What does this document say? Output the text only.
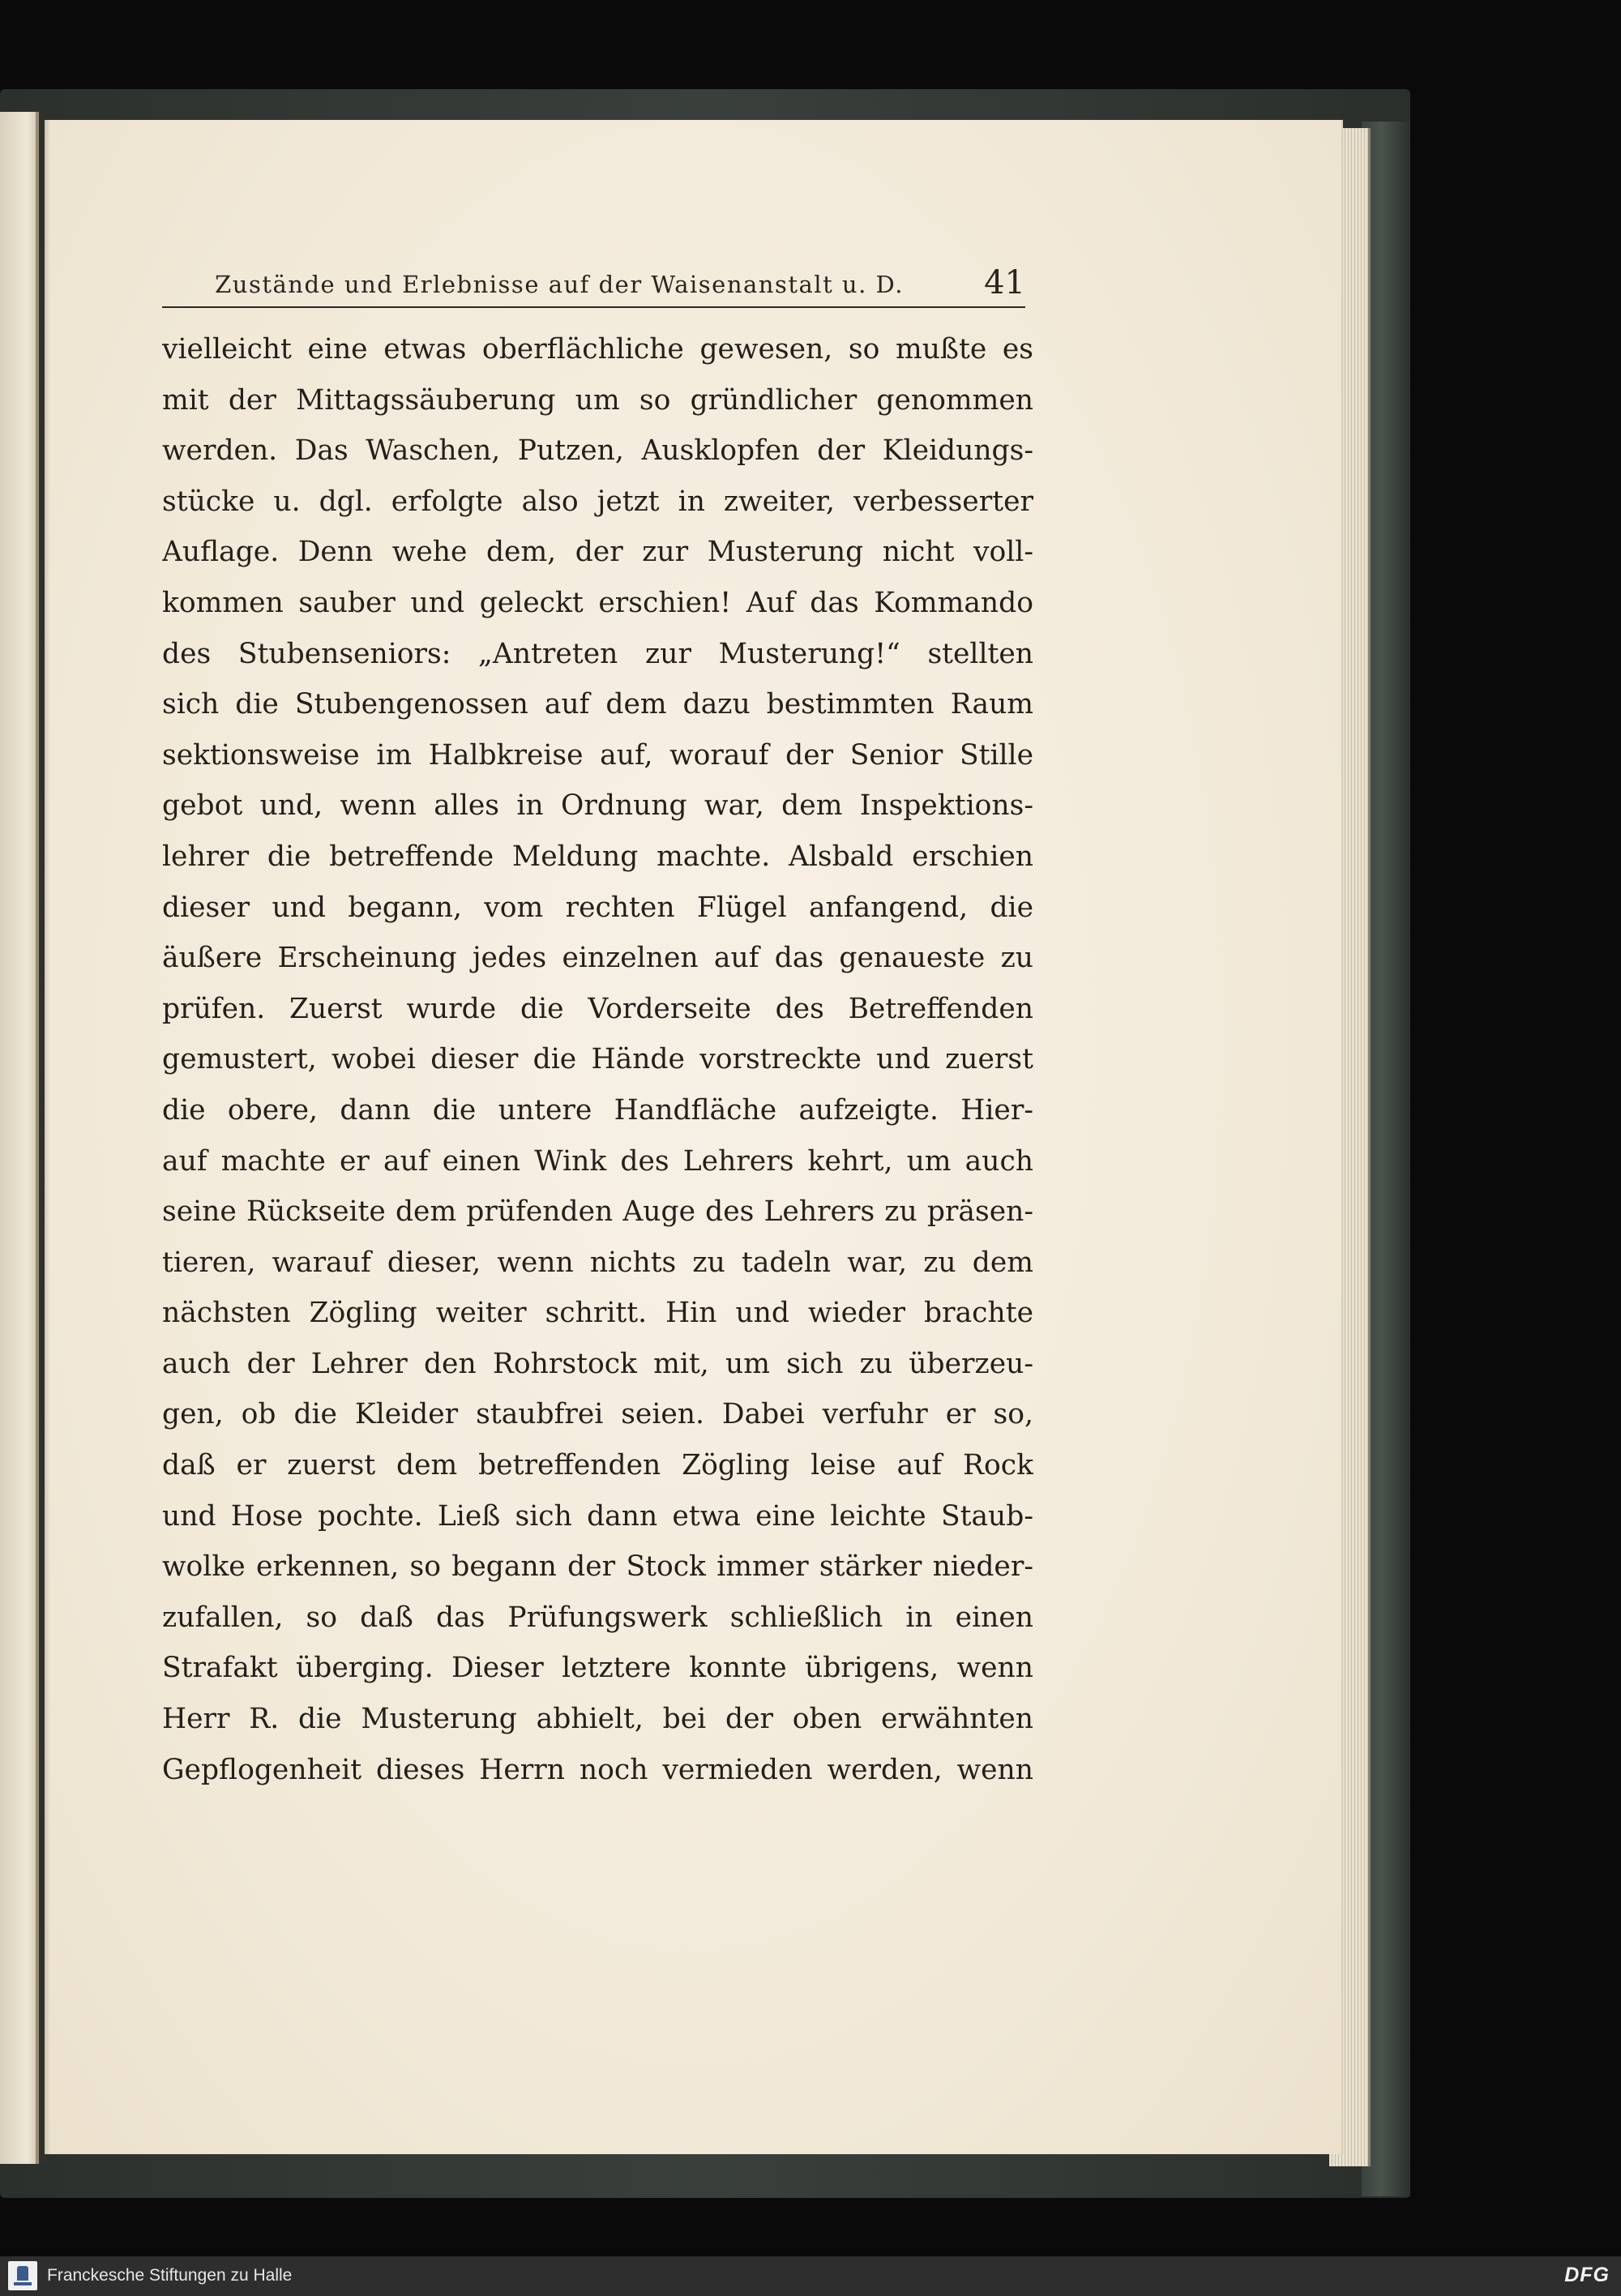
Zustände und Erlebnisse auf der Waisenanstalt u. D. 41
vielleicht eine etwas oberflächliche gewesen, so mußte es
mit der Mittagssäuberung um so gründlicher genommen
werden. Das Waschen, Putzen, Ausklopfen der Kleidungs-
stücke u. dgl. erfolgte also jetzt in zweiter, verbesserter
Auflage. Denn wehe dem, der zur Musterung nicht voll-
kommen sauber und geleckt erschien! Auf das Kommando
des Stubenseniors: „Antreten zur Musterung!“ stellten
sich die Stubengenossen auf dem dazu bestimmten Raum
sektionsweise im Halbkreise auf, worauf der Senior Stille
gebot und, wenn alles in Ordnung war, dem Inspektions-
lehrer die betreffende Meldung machte. Alsbald erschien
dieser und begann, vom rechten Flügel anfangend, die
äußere Erscheinung jedes einzelnen auf das genaueste zu
prüfen. Zuerst wurde die Vorderseite des Betreffenden
gemustert, wobei dieser die Hände vorstreckte und zuerst
die obere, dann die untere Handfläche aufzeigte. Hier-
auf machte er auf einen Wink des Lehrers kehrt, um auch
seine Rückseite dem prüfenden Auge des Lehrers zu präsen-
tieren, warauf dieser, wenn nichts zu tadeln war, zu dem
nächsten Zögling weiter schritt. Hin und wieder brachte
auch der Lehrer den Rohrstock mit, um sich zu überzeu-
gen, ob die Kleider staubfrei seien. Dabei verfuhr er so,
daß er zuerst dem betreffenden Zögling leise auf Rock
und Hose pochte. Ließ sich dann etwa eine leichte Staub-
wolke erkennen, so begann der Stock immer stärker nieder-
zufallen, so daß das Prüfungswerk schließlich in einen
Strafakt überging. Dieser letztere konnte übrigens, wenn
Herr R. die Musterung abhielt, bei der oben erwähnten
Gepflogenheit dieses Herrn noch vermieden werden, wenn
Franckesche Stiftungen zu Halle	DFG
